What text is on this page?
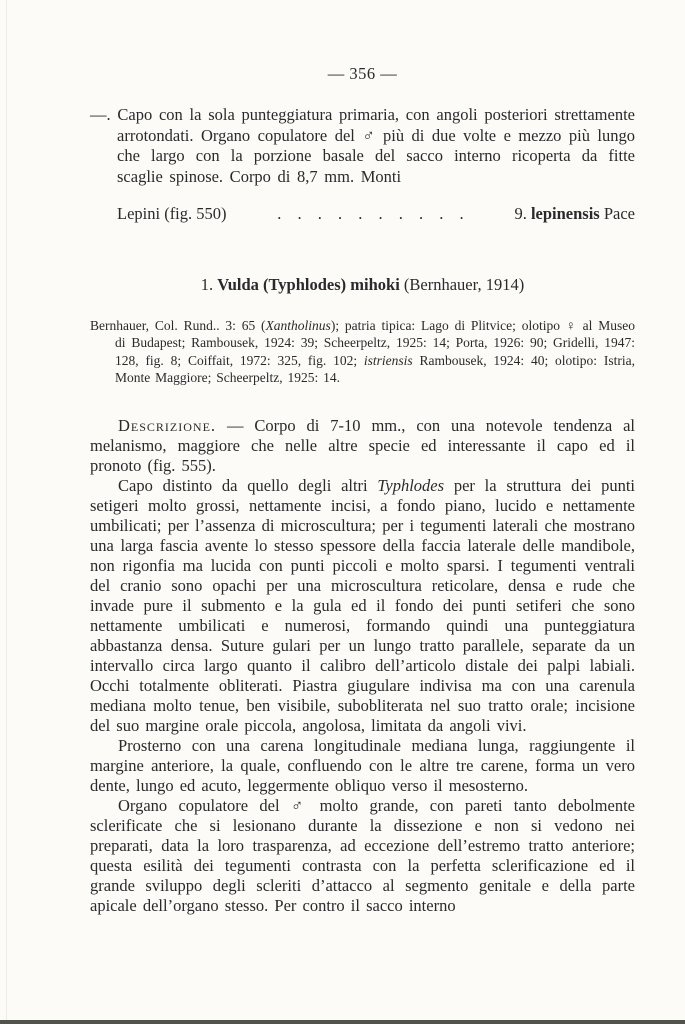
— 356 —

—. Capo con la sola punteggiatura primaria, con angoli posteriori strettamente arrotondati. Organo copulatore del ♂ più di due volte e mezzo più lungo che largo con la porzione basale del sacco interno ricoperta da fitte scaglie spinose. Corpo di 8,7 mm. Monti

Lepini (fig. 550)	. . . . . . . . . .	9. lepinensis Pace
1. Vulda (Typhlodes) mihoki (Bernhauer, 1914)

Bernhauer, Col. Rund.. 3: 65 (Xantholinus); patria tipica: Lago di Plitvice; olotipo ♀ al Museo di Budapest; Rambousek, 1924: 39; Scheerpeltz, 1925: 14; Porta, 1926: 90; Gridelli, 1947: 128, fig. 8; Coiffait, 1972: 325, fig. 102; istriensis Rambousek, 1924: 40; olotipo: Istria, Monte Maggiore; Scheerpeltz, 1925: 14.

Descrizione. — Corpo di 7-10 mm., con una notevole tendenza al melanismo, maggiore che nelle altre specie ed interessante il capo ed il pronoto (fig. 555).

Capo distinto da quello degli altri Typhlodes per la struttura dei punti setigeri molto grossi, nettamente incisi, a fondo piano, lucido e nettamente umbilicati; per l’assenza di microscultura; per i tegumenti laterali che mostrano una larga fascia avente lo stesso spessore della faccia laterale delle mandibole, non rigonfia ma lucida con punti piccoli e molto sparsi. I tegumenti ventrali del cranio sono opachi per una microscultura reticolare, densa e rude che invade pure il submento e la gula ed il fondo dei punti setiferi che sono nettamente umbilicati e numerosi, formando quindi una punteggiatura abbastanza densa. Suture gulari per un lungo tratto parallele, separate da un intervallo circa largo quanto il calibro dell’articolo distale dei palpi labiali. Occhi totalmente obliterati. Piastra giugulare indivisa ma con una carenula mediana molto tenue, ben visibile, subobliterata nel suo tratto orale; incisione del suo margine orale piccola, angolosa, limitata da angoli vivi.

Prosterno con una carena longitudinale mediana lunga, raggiungente il margine anteriore, la quale, confluendo con le altre tre carene, forma un vero dente, lungo ed acuto, leggermente obliquo verso il mesosterno.

Organo copulatore del ♂ molto grande, con pareti tanto debolmente sclerificate che si lesionano durante la dissezione e non si vedono nei preparati, data la loro trasparenza, ad eccezione dell’estremo tratto anteriore; questa esilità dei tegumenti contrasta con la perfetta sclerificazione ed il grande sviluppo degli scleriti d’attacco al segmento genitale e della parte apicale dell’organo stesso. Per contro il sacco interno
